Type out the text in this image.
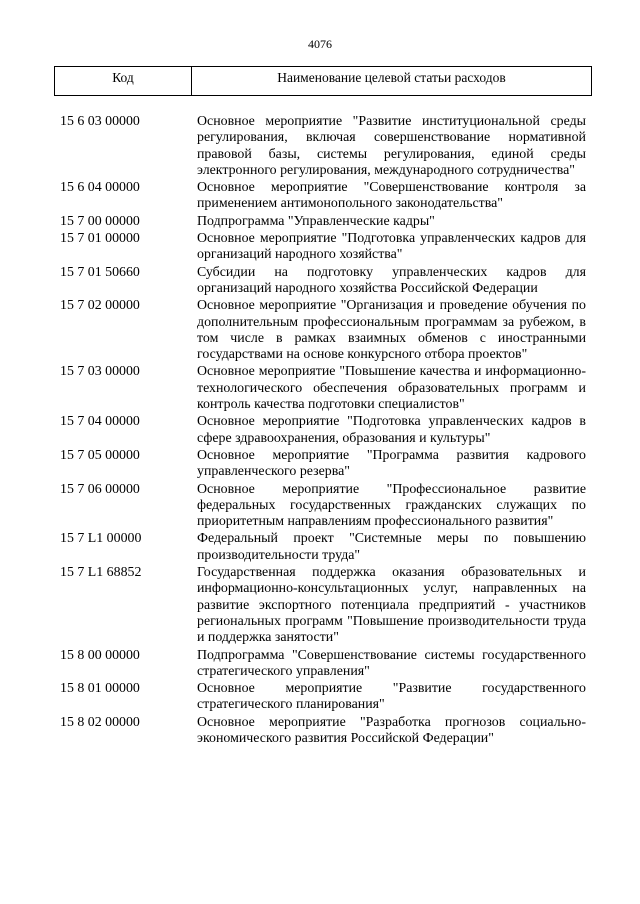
4076
Код	Наименование целевой статьи расходов
15 6 03 00000	Основное мероприятие "Развитие институциональной среды регулирования, включая совершенствование нормативной правовой базы, системы регулирования, единой среды электронного регулирования, международного сотрудничества"
15 6 04 00000	Основное мероприятие "Совершенствование контроля за применением антимонопольного законодательства"
15 7 00 00000	Подпрограмма "Управленческие кадры"
15 7 01 00000	Основное мероприятие "Подготовка управленческих кадров для организаций народного хозяйства"
15 7 01 50660	Субсидии на подготовку управленческих кадров для организаций народного хозяйства Российской Федерации
15 7 02 00000	Основное мероприятие "Организация и проведение обучения по дополнительным профессиональным программам за рубежом, в том числе в рамках взаимных обменов с иностранными государствами на основе конкурсного отбора проектов"
15 7 03 00000	Основное мероприятие "Повышение качества и информационно-технологического обеспечения образовательных программ и контроль качества подготовки специалистов"
15 7 04 00000	Основное мероприятие "Подготовка управленческих кадров в сфере здравоохранения, образования и культуры"
15 7 05 00000	Основное мероприятие "Программа развития кадрового управленческого резерва"
15 7 06 00000	Основное мероприятие "Профессиональное развитие федеральных государственных гражданских служащих по приоритетным направлениям профессионального развития"
15 7 L1 00000	Федеральный проект "Системные меры по повышению производительности труда"
15 7 L1 68852	Государственная поддержка оказания образовательных и информационно-консультационных услуг, направленных на развитие экспортного потенциала предприятий - участников региональных программ "Повышение производительности труда и поддержка занятости"
15 8 00 00000	Подпрограмма "Совершенствование системы государственного стратегического управления"
15 8 01 00000	Основное мероприятие "Развитие государственного стратегического планирования"
15 8 02 00000	Основное мероприятие "Разработка прогнозов социально-экономического развития Российской Федерации"
